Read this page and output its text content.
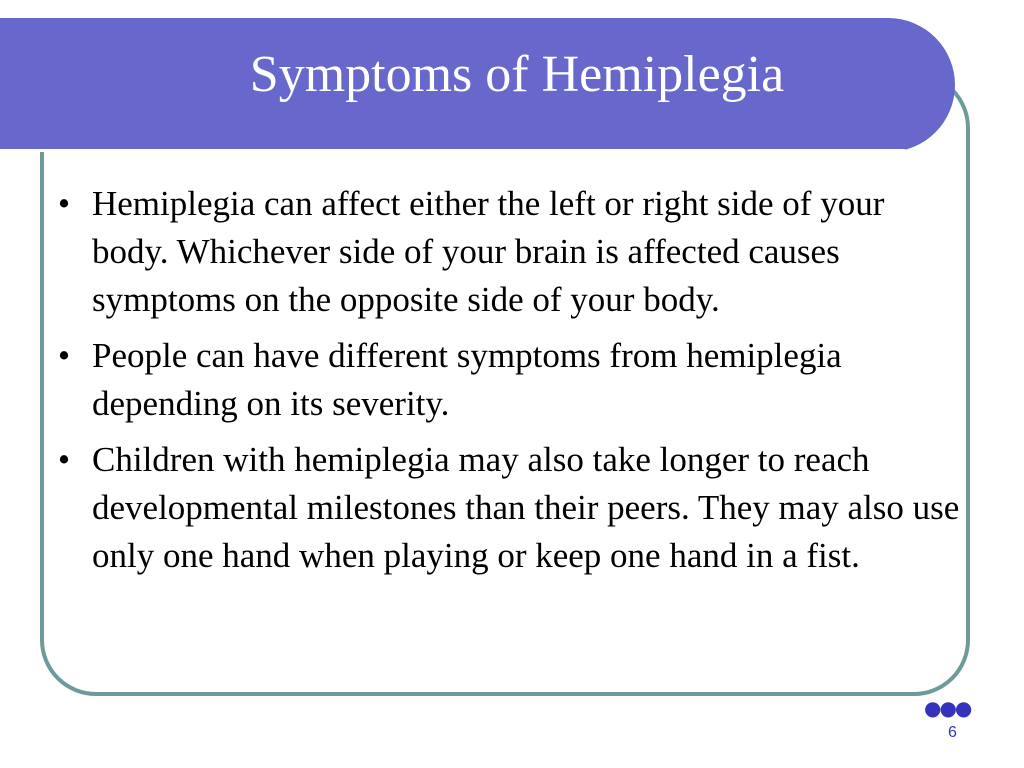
Symptoms of Hemiplegia
• Hemiplegia can affect either the left or right side of your body. Whichever side of your brain is affected causes symptoms on the opposite side of your body.
• People can have different symptoms from hemiplegia depending on its severity.
• Children with hemiplegia may also take longer to reach developmental milestones than their peers. They may also use only one hand when playing or keep one hand in a fist.
●●●
6
